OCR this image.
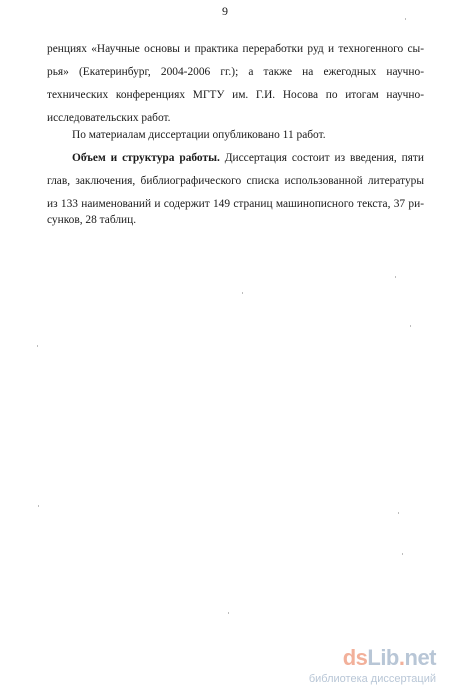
9
ренциях «Научные основы и практика переработки руд и техногенного сы-
рья» (Екатеринбург, 2004-2006 гг.); а также на ежегодных научно-
технических конференциях МГТУ им. Г.И. Носова по итогам научно-
исследовательских работ.
По материалам диссертации опубликовано 11 работ.
Объем и структура работы. Диссертация состоит из введения, пяти
глав, заключения, библиографического списка использованной литературы
из 133 наименований и содержит 149 страниц машинописного текста, 37 ри-
сунков, 28 таблиц.
dsLib.net
библиотека диссертаций
